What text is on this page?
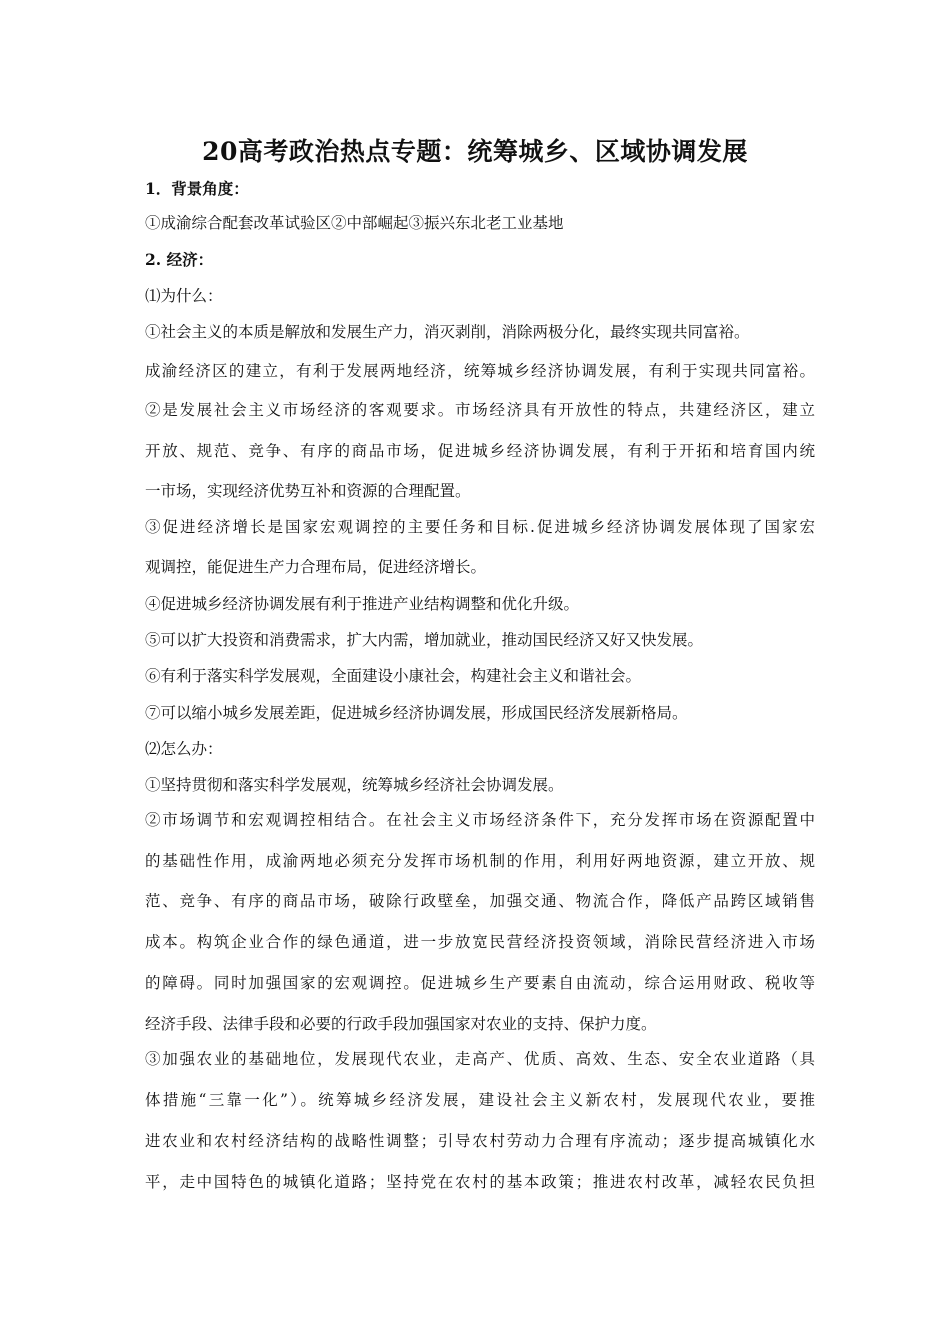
20高考政治热点专题：统筹城乡、区域协调发展
1．背景角度：
①成渝综合配套改革试验区②中部崛起③振兴东北老工业基地
2. 经济：
⑴为什么：
①社会主义的本质是解放和发展生产力，消灭剥削，消除两极分化，最终实现共同富裕。
成渝经济区的建立，有利于发展两地经济，统筹城乡经济协调发展，有利于实现共同富裕。
②是发展社会主义市场经济的客观要求。市场经济具有开放性的特点，共建经济区，建立
开放、规范、竞争、有序的商品市场，促进城乡经济协调发展，有利于开拓和培育国内统
一市场，实现经济优势互补和资源的合理配置。
③促进经济增长是国家宏观调控的主要任务和目标.促进城乡经济协调发展体现了国家宏
观调控，能促进生产力合理布局，促进经济增长。
④促进城乡经济协调发展有利于推进产业结构调整和优化升级。
⑤可以扩大投资和消费需求，扩大内需，增加就业，推动国民经济又好又快发展。
⑥有利于落实科学发展观，全面建设小康社会，构建社会主义和谐社会。
⑦可以缩小城乡发展差距，促进城乡经济协调发展，形成国民经济发展新格局。
⑵怎么办：
①坚持贯彻和落实科学发展观，统筹城乡经济社会协调发展。
②市场调节和宏观调控相结合。在社会主义市场经济条件下，充分发挥市场在资源配置中
的基础性作用，成渝两地必须充分发挥市场机制的作用，利用好两地资源，建立开放、规
范、竞争、有序的商品市场，破除行政壁垒，加强交通、物流合作，降低产品跨区域销售
成本。构筑企业合作的绿色通道，进一步放宽民营经济投资领域，消除民营经济进入市场
的障碍。同时加强国家的宏观调控。促进城乡生产要素自由流动，综合运用财政、税收等
经济手段、法律手段和必要的行政手段加强国家对农业的支持、保护力度。
③加强农业的基础地位，发展现代农业，走高产、优质、高效、生态、安全农业道路（具
体措施“三靠一化”）。统筹城乡经济发展，建设社会主义新农村，发展现代农业，要推
进农业和农村经济结构的战略性调整；引导农村劳动力合理有序流动；逐步提高城镇化水
平，走中国特色的城镇化道路；坚持党在农村的基本政策；推进农村改革，减轻农民负担
